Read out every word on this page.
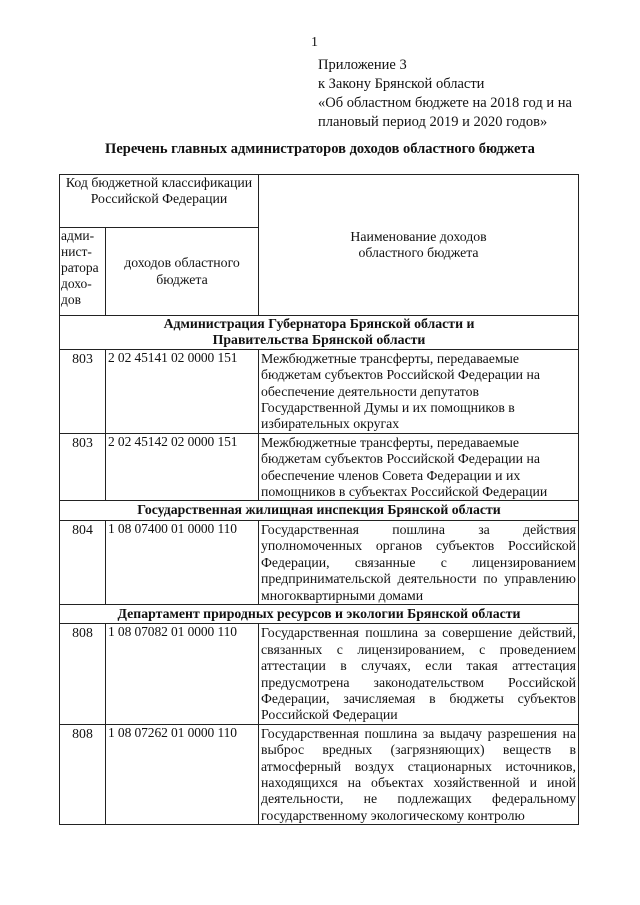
1
Приложение 3
к Закону Брянской области
«Об областном бюджете на 2018 год и на
плановый период 2019 и 2020 годов»
Перечень главных администраторов доходов областного бюджета
Код бюджетной классификации Российской Федерации		Наименование доходов областного бюджета
адми-нист-ратора дохо-дов	доходов областного бюджета	
Администрация Губернатора Брянской области и Правительства Брянской области		
803	2 02 45141 02 0000 151	Межбюджетные трансферты, передаваемые бюджетам субъектов Российской Федерации на обеспечение деятельности депутатов Государственной Думы и их помощников в избирательных округах
803	2 02 45142 02 0000 151	Межбюджетные трансферты, передаваемые бюджетам субъектов Российской Федерации на обеспечение членов Совета Федерации и их помощников в субъектах Российской Федерации
Государственная жилищная инспекция Брянской области		
804	1 08 07400 01 0000 110	Государственная пошлина за действия уполномоченных органов субъектов Российской Федерации, связанные с лицензированием предпринимательской деятельности по управлению многоквартирными домами
Департамент природных ресурсов и экологии Брянской области		
808	1 08 07082 01 0000 110	Государственная пошлина за совершение действий, связанных с лицензированием, с проведением аттестации в случаях, если такая аттестация предусмотрена законодательством Российской Федерации, зачисляемая в бюджеты субъектов Российской Федерации
808	1 08 07262 01 0000 110	Государственная пошлина за выдачу разрешения на выброс вредных (загрязняющих) веществ в атмосферный воздух стационарных источников, находящихся на объектах хозяйственной и иной деятельности, не подлежащих федеральному государственному экологическому контролю
